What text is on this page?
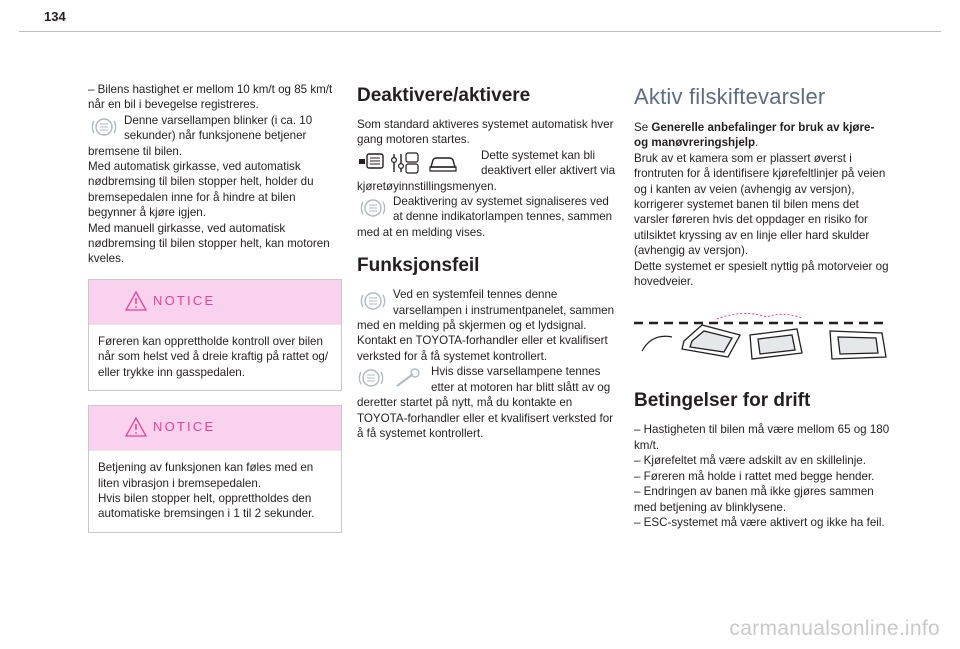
134

– Bilens hastighet er mellom 10 km/t og 85 km/t når en bil i bevegelse registreres.

Denne varsellampen blinker (i ca. 10 sekunder) når funksjonene betjener bremsene til bilen.

Med automatisk girkasse, ved automatisk nødbremsing til bilen stopper helt, holder du bremsepedalen inne for å hindre at bilen begynner å kjøre igjen.

Med manuell girkasse, ved automatisk nødbremsing til bilen stopper helt, kan motoren kveles.

NOTICE
Føreren kan opprettholde kontroll over bilen når som helst ved å dreie kraftig på rattet og/ eller trykke inn gasspedalen.
NOTICE
Betjening av funksjonen kan føles med en liten vibrasjon i bremsepedalen.
Hvis bilen stopper helt, opprettholdes den automatiske bremsingen i 1 til 2 sekunder.
Deaktivere/aktivere

Som standard aktiveres systemet automatisk hver gang motoren startes.

Dette systemet kan bli deaktivert eller aktivert via kjøretøyinnstillingsmenyen.

Deaktivering av systemet signaliseres ved at denne indikatorlampen tennes, sammen med at en melding vises.

Funksjonsfeil

Ved en systemfeil tennes denne varsellampen i instrumentpanelet, sammen med en melding på skjermen og et lydsignal.

Kontakt en TOYOTA-forhandler eller et kvalifisert verksted for å få systemet kontrollert.

Hvis disse varsellampene tennes etter at motoren har blitt slått av og deretter startet på nytt, må du kontakte en TOYOTA-forhandler eller et kvalifisert verksted for å få systemet kontrollert.

Aktiv filskiftevarsler

Se Generelle anbefalinger for bruk av kjøre- og manøvreringshjelp.

Bruk av et kamera som er plassert øverst i frontruten for å identifisere kjørefeltlinjer på veien og i kanten av veien (avhengig av versjon), korrigerer systemet banen til bilen mens det varsler føreren hvis det oppdager en risiko for utilsiktet kryssing av en linje eller hard skulder (avhengig av versjon).

Dette systemet er spesielt nyttig på motorveier og hovedveier.

Betingelser for drift

– Hastigheten til bilen må være mellom 65 og 180 km/t.

– Kjørefeltet må være adskilt av en skillelinje.

– Føreren må holde i rattet med begge hender.

– Endringen av banen må ikke gjøres sammen med betjening av blinklysene.

– ESC-systemet må være aktivert og ikke ha feil.

carmanualsonline.info
